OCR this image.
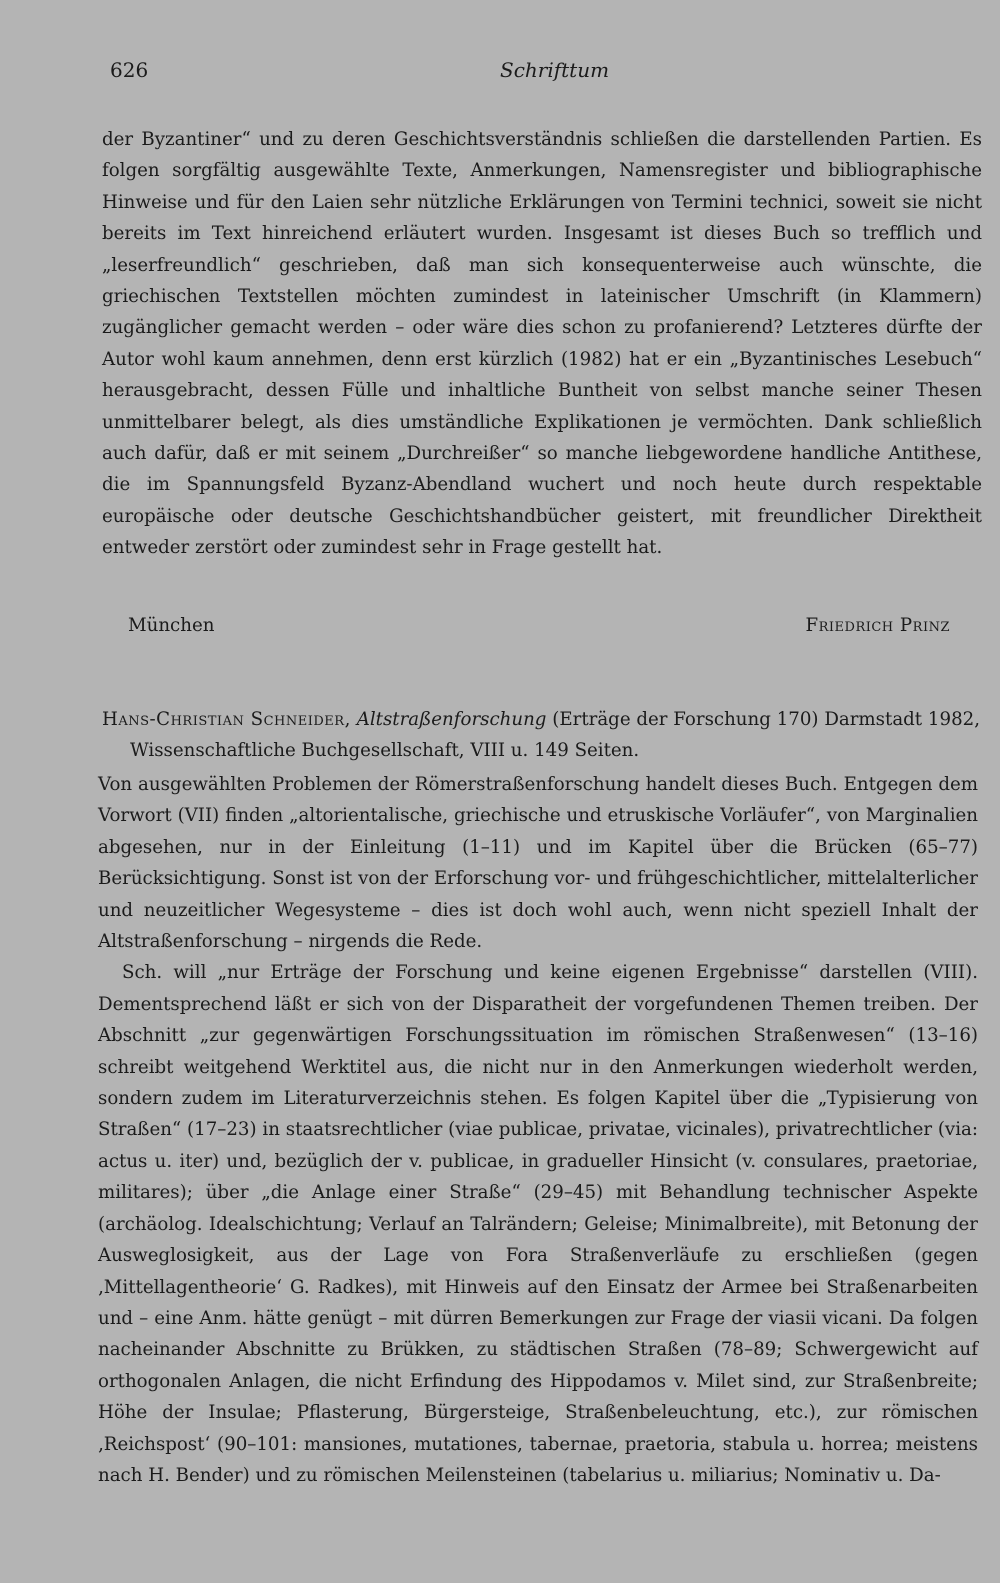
626	Schrifttum

der Byzantiner“ und zu deren Geschichtsverständnis schließen die darstellenden Partien. Es folgen sorgfältig ausgewählte Texte, Anmerkungen, Namensregister und bibliographische Hinweise und für den Laien sehr nützliche Erklärungen von Termini technici, soweit sie nicht bereits im Text hinreichend erläutert wurden. Insgesamt ist dieses Buch so trefflich und „leserfreundlich“ geschrieben, daß man sich konsequenterweise auch wünschte, die griechischen Textstellen möchten zumindest in lateinischer Umschrift (in Klammern) zugänglicher gemacht werden – oder wäre dies schon zu profanierend? Letzteres dürfte der Autor wohl kaum annehmen, denn erst kürzlich (1982) hat er ein „Byzantinisches Lesebuch“ herausgebracht, dessen Fülle und inhaltliche Buntheit von selbst manche seiner Thesen unmittelbarer belegt, als dies umständliche Explikationen je vermöchten. Dank schließlich auch dafür, daß er mit seinem „Durchreißer“ so manche liebgewordene handliche Antithese, die im Spannungsfeld Byzanz-Abendland wuchert und noch heute durch respektable europäische oder deutsche Geschichtshandbücher geistert, mit freundlicher Direktheit entweder zerstört oder zumindest sehr in Frage gestellt hat.

München	Friedrich Prinz
Hans-Christian Schneider, Altstraßenforschung (Erträge der Forschung 170) Darmstadt 1982, Wissenschaftliche Buchgesellschaft, VIII u. 149 Seiten.

Von ausgewählten Problemen der Römerstraßenforschung handelt dieses Buch. Entgegen dem Vorwort (VII) finden „altorientalische, griechische und etruskische Vorläufer“, von Marginalien abgesehen, nur in der Einleitung (1–11) und im Kapitel über die Brücken (65–77) Berücksichtigung. Sonst ist von der Erforschung vor- und frühgeschichtlicher, mittelalterlicher und neuzeitlicher Wegesysteme – dies ist doch wohl auch, wenn nicht speziell Inhalt der Altstraßenforschung – nirgends die Rede.

Sch. will „nur Erträge der Forschung und keine eigenen Ergebnisse“ darstellen (VIII). Dementsprechend läßt er sich von der Disparatheit der vorgefundenen Themen treiben. Der Abschnitt „zur gegenwärtigen Forschungssituation im römischen Straßenwesen“ (13–16) schreibt weitgehend Werktitel aus, die nicht nur in den Anmerkungen wiederholt werden, sondern zudem im Literaturverzeichnis stehen. Es folgen Kapitel über die „Typisierung von Straßen“ (17–23) in staatsrechtlicher (viae publicae, privatae, vicinales), privatrechtlicher (via: actus u. iter) und, bezüglich der v. publicae, in gradueller Hinsicht (v. consulares, praetoriae, militares); über „die Anlage einer Straße“ (29–45) mit Behandlung technischer Aspekte (archäolog. Idealschichtung; Verlauf an Talrändern; Geleise; Minimalbreite), mit Betonung der Ausweglosigkeit, aus der Lage von Fora Straßenverläufe zu erschließen (gegen ‚Mittellagentheorie‘ G. Radkes), mit Hinweis auf den Einsatz der Armee bei Straßenarbeiten und – eine Anm. hätte genügt – mit dürren Bemerkungen zur Frage der viasii vicani. Da folgen nacheinander Abschnitte zu Brükken, zu städtischen Straßen (78–89; Schwergewicht auf orthogonalen Anlagen, die nicht Erfindung des Hippodamos v. Milet sind, zur Straßenbreite; Höhe der Insulae; Pflasterung, Bürgersteige, Straßenbeleuchtung, etc.), zur römischen ‚Reichspost‘ (90–101: mansiones, mutationes, tabernae, praetoria, stabula u. horrea; meistens nach H. Bender) und zu römischen Meilensteinen (tabelarius u. miliarius; Nominativ u. Da-
